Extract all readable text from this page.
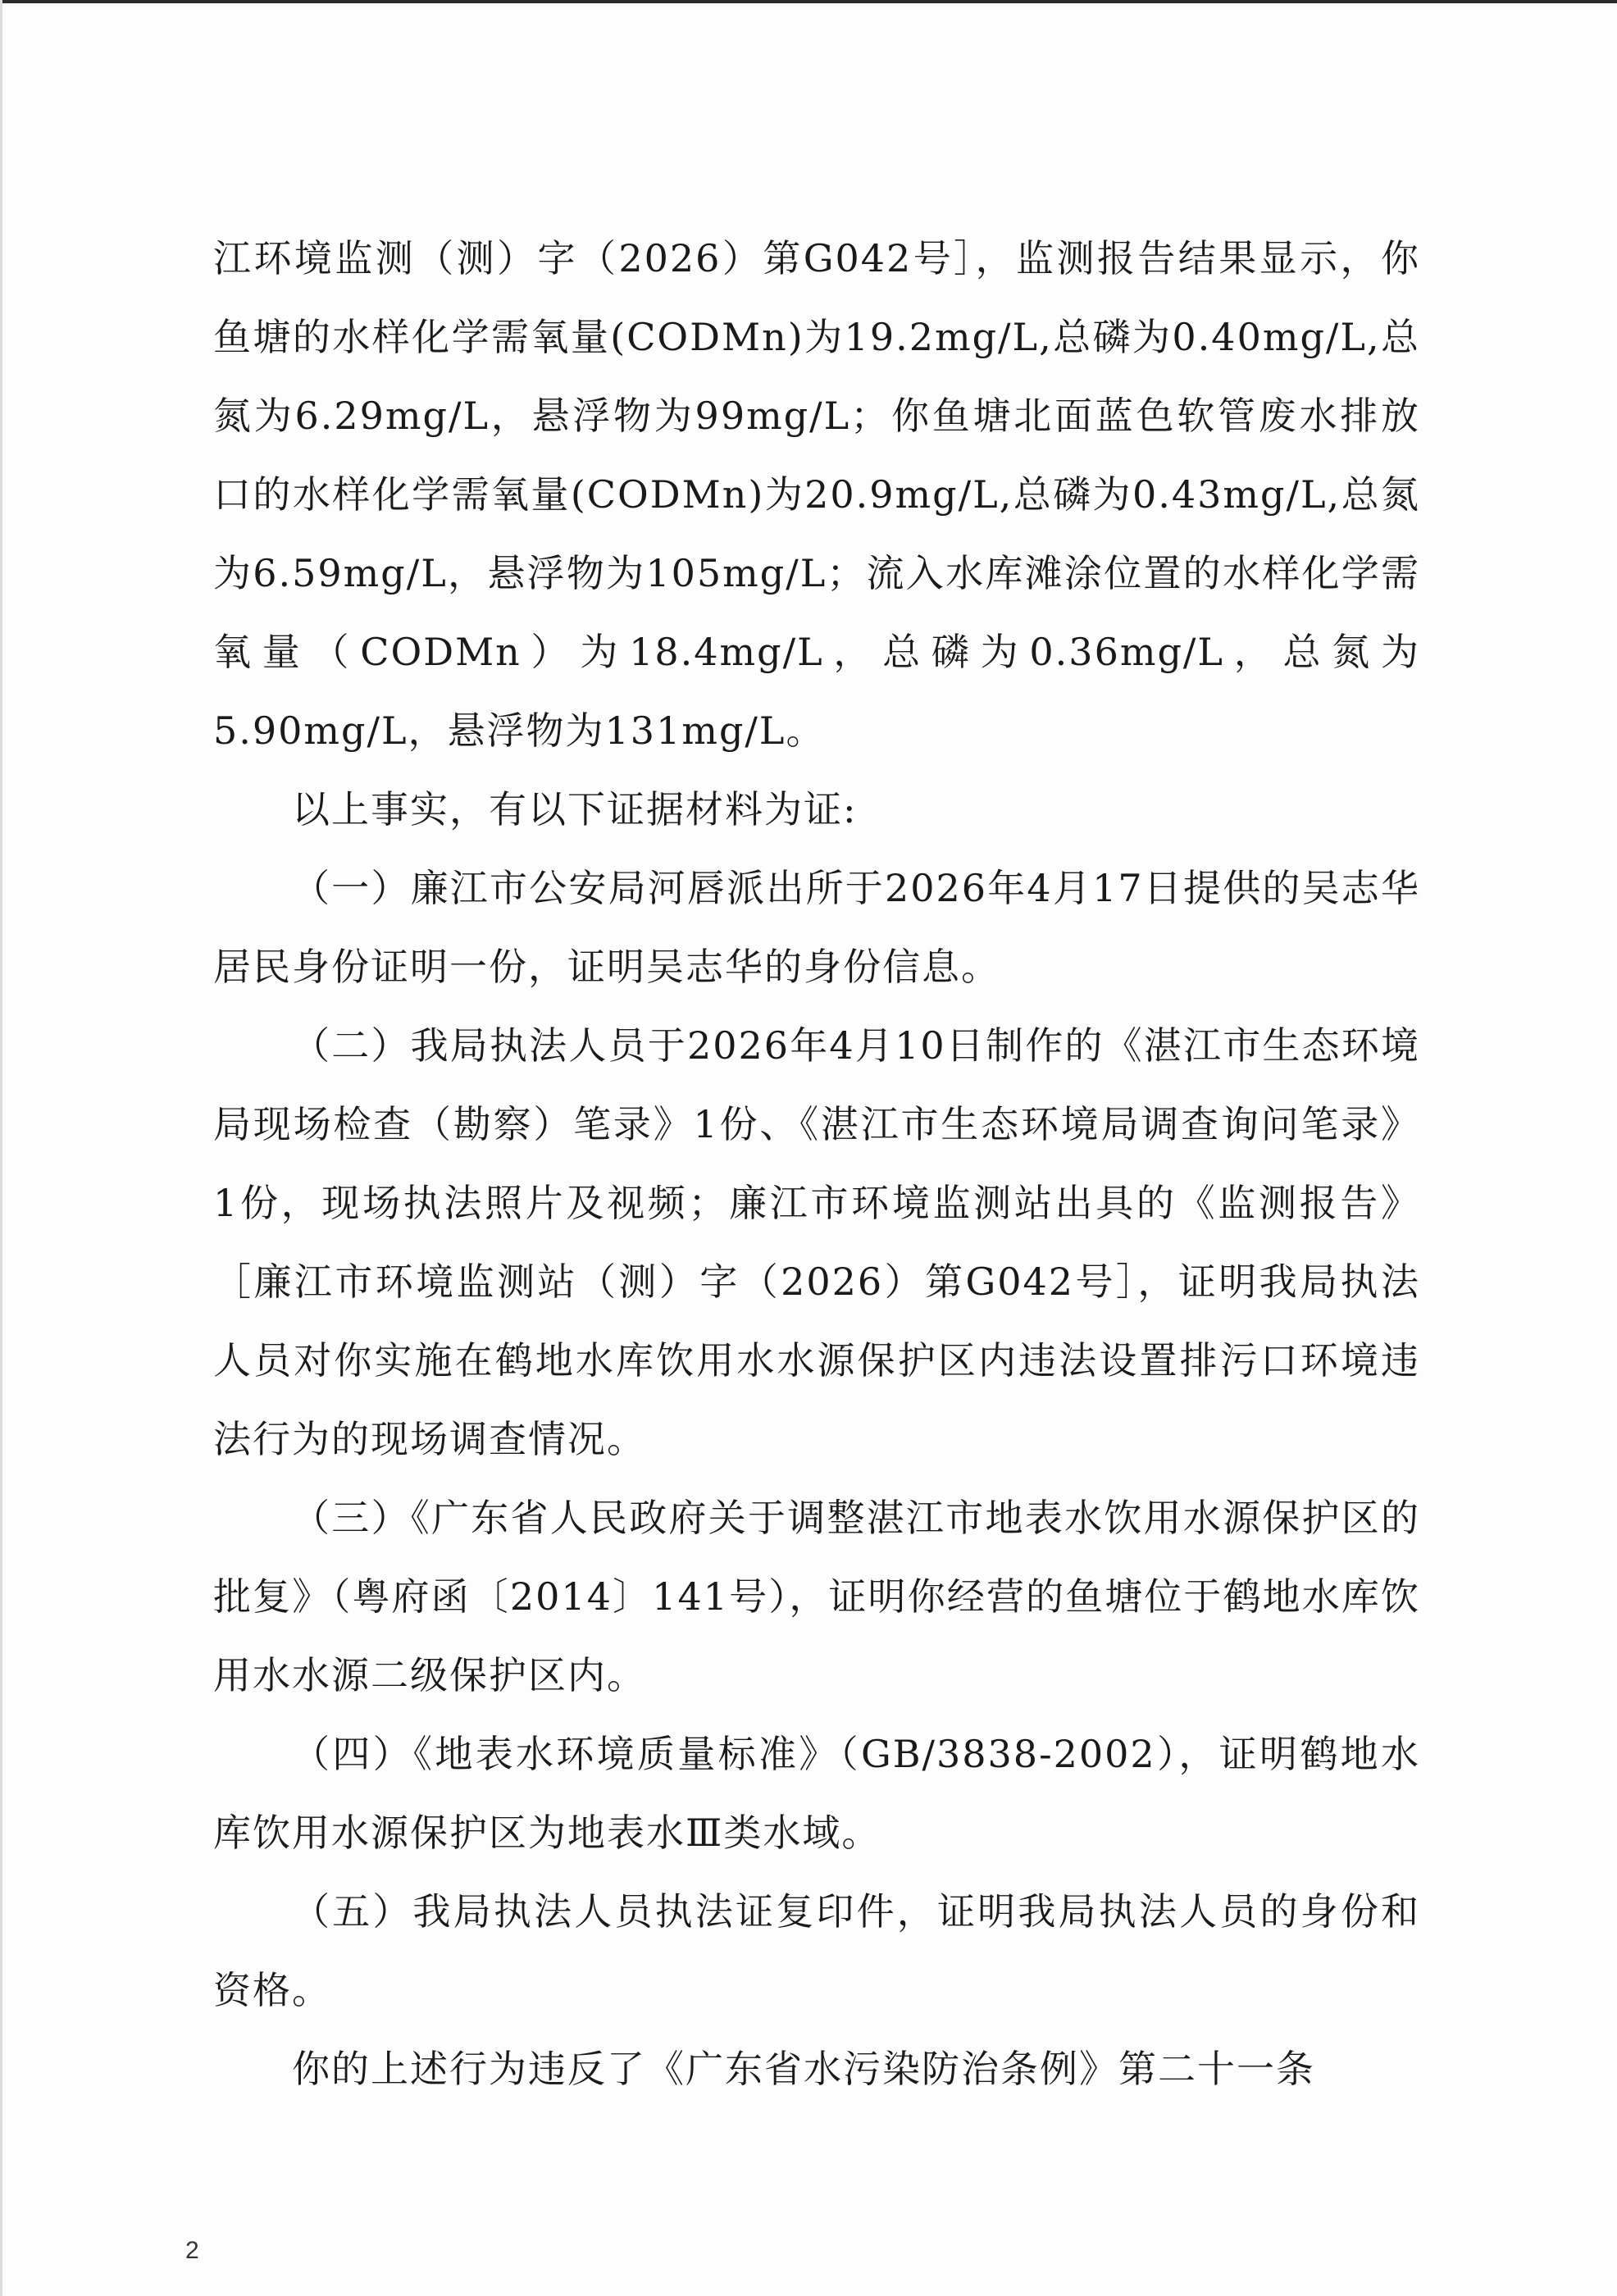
江环境监测（测）字（2026）第G042号］，监测报告结果显示，你鱼塘的水样化学需氧量(CODMn)为19.2mg/L,总磷为0.40mg/L,总氮为6.29mg/L，悬浮物为99mg/L；你鱼塘北面蓝色软管废水排放口的水样化学需氧量(CODMn)为20.9mg/L,总磷为0.43mg/L,总氮为6.59mg/L，悬浮物为105mg/L；流入水库滩涂位置的水样化学需氧量（CODMn）为18.4mg/L，总磷为0.36mg/L，总氮为5.90mg/L，悬浮物为131mg/L。

以上事实，有以下证据材料为证:

（一）廉江市公安局河唇派出所于2026年4月17日提供的吴志华居民身份证明一份，证明吴志华的身份信息。

（二）我局执法人员于2026年4月10日制作的《湛江市生态环境局现场检查（勘察）笔录》1份、《湛江市生态环境局调查询问笔录》1份，现场执法照片及视频；廉江市环境监测站出具的《监测报告》［廉江市环境监测站（测）字（2026）第G042号］，证明我局执法人员对你实施在鹤地水库饮用水水源保护区内违法设置排污口环境违法行为的现场调查情况。

（三）《广东省人民政府关于调整湛江市地表水饮用水源保护区的批复》（粤府函〔2014〕141号），证明你经营的鱼塘位于鹤地水库饮用水水源二级保护区内。

（四）《地表水环境质量标准》（GB/3838-2002），证明鹤地水库饮用水源保护区为地表水Ⅲ类水域。

（五）我局执法人员执法证复印件，证明我局执法人员的身份和资格。

你的上述行为违反了《广东省水污染防治条例》第二十一条

2
